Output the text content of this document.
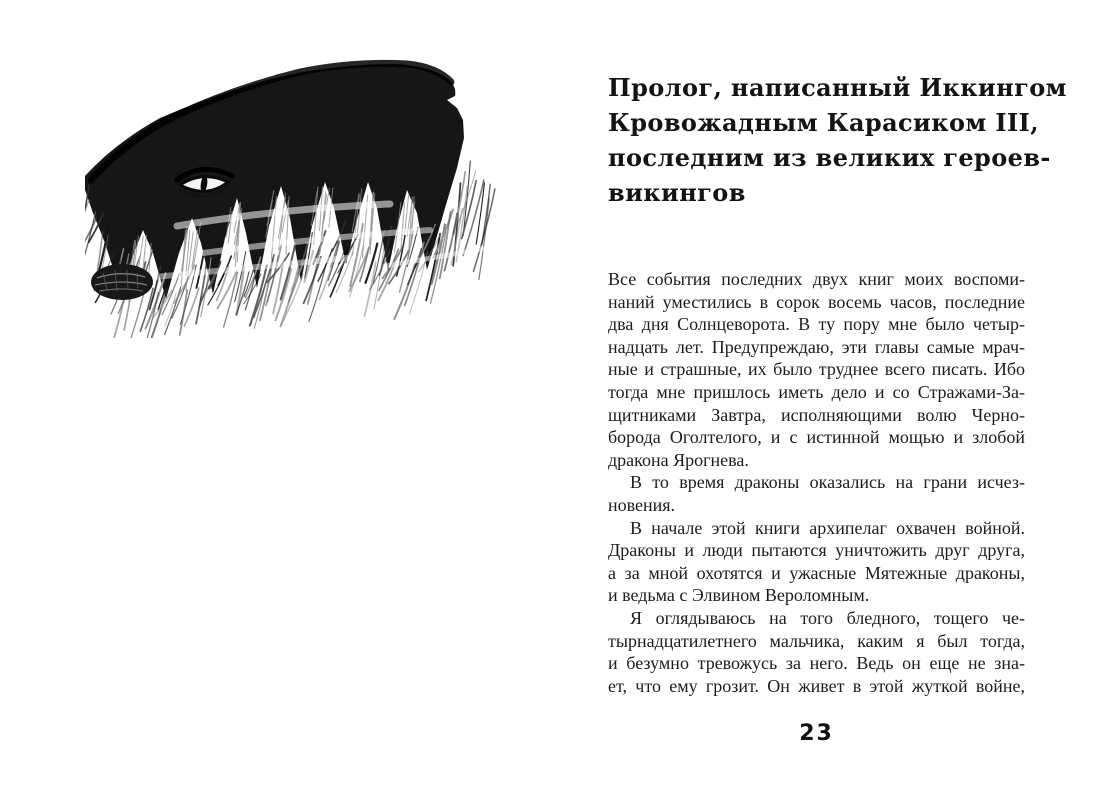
Пролог, написанный Иккингом
Кровожадным Карасиком III,
последним из великих героев-
викингов
Все события последних двух книг моих воспоми-
наний уместились в сорок восемь часов, последние
два дня Солнцеворота. В ту пору мне было четыр-
надцать лет. Предупреждаю, эти главы самые мрач-
ные и страшные, их было труднее всего писать. Ибо
тогда мне пришлось иметь дело и со Стражами-За-
щитниками Завтра, исполняющими волю Черно-
борода Оголтелого, и с истинной мощью и злобой
дракона Ярогнева.
В то время драконы оказались на грани исчез-
новения.
В начале этой книги архипелаг охвачен войной.
Драконы и люди пытаются уничтожить друг друга,
а за мной охотятся и ужасные Мятежные драконы,
и ведьма с Элвином Вероломным.
Я оглядываюсь на того бледного, тощего че-
тырнадцатилетнего мальчика, каким я был тогда,
и безумно тревожусь за него. Ведь он еще не зна-
ет, что ему грозит. Он живет в этой жуткой войне,
23
